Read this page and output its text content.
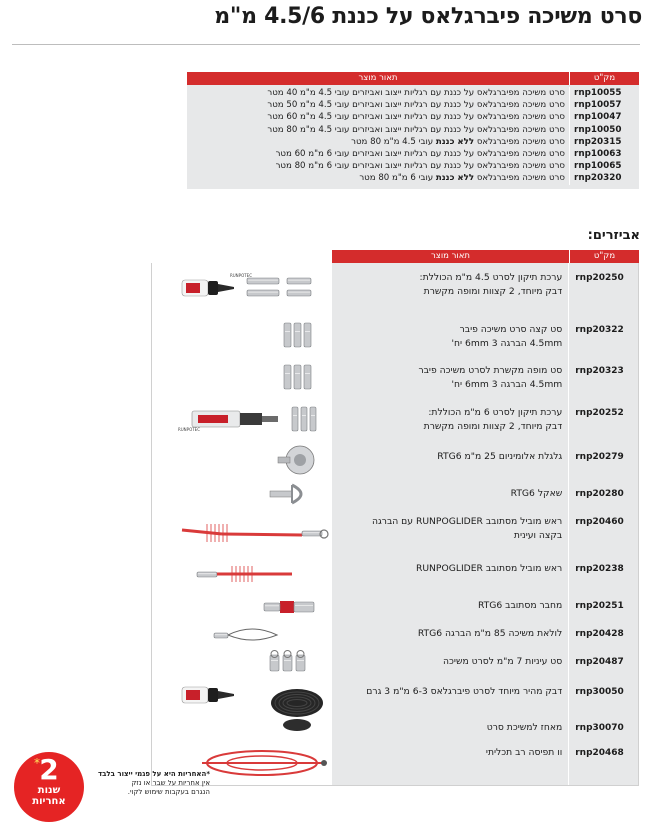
סרט משיכה פיברגלאס על כננת 4.5/6 מ"מ
מק"ט
תאור מוצר
rnp10055
rnp10057
rnp10047
rnp10050
rnp20315
rnp10063
rnp10065
rnp20320
סרט משיכה מפיברגלאס על כננת עם רגליות ייצוב ואביזרים עובי 4.5 מ"מ 40 מטר
סרט משיכה מפיברגלאס על כננת עם רגליות ייצוב ואביזרים עובי 4.5 מ"מ 50 מטר
סרט משיכה מפיברגלאס על כננת עם רגליות ייצוב ואביזרים עובי 4.5 מ"מ 60 מטר
סרט משיכה מפיברגלאס על כננת עם רגליות ייצוב ואביזרים עובי 4.5 מ"מ 80 מטר
סרט משיכה מפיברגלאס ללא כננת עובי 4.5 מ"מ 80 מטר
סרט משיכה מפיברגלאס על כננת עם רגליות ייצוב ואביזרים עובי 6 מ"מ 60 מטר
סרט משיכה מפיברגלאס על כננת עם רגליות ייצוב ואביזרים עובי 6 מ"מ 80 מטר
סרט משיכה מפיברגלאס ללא כננת עובי 6 מ"מ 80 מטר
אביזרים:
מק"ט
תאור מוצר
rnp20250
rnp20322
rnp20323
rnp20252
rnp20279
rnp20280
rnp20460
rnp20238
rnp20251
rnp20428
rnp20487
rnp30050
rnp30070
rnp20468
ערכת תיקון לסרט 4.5 מ"מ הכוללת:
דבק מיוחד, 2 קצוות ומופה מקשרת
סט קצה סרט משיכה פיבר
4.5mm הברגה 6mm 3 יח'
סט מופה מקשרת לסרט משיכה פיבר
4.5mm הברגה 6mm 3 יח'
ערכת תיקון לסרט 6 מ"מ הכוללת:
דבק מיוחד, 2 קצוות ומופה מקשרת
גלגלת אלומיניום 25 מ"מ RTG6
שאקל RTG6
ראש מוביל מסתובב RUNPOGLIDER עם הברגה
בקצה ועינית
ראש מוביל מסתובב RUNPOGLIDER
מחבר מסתובב RTG6
לולאת משיכה 85 מ"מ הברגה RTG6
סט עיניות 7 מ"מ לסרט משיכה
דבק מהיר מיוחד לסרט פיברגלאס 6-3 מ"מ 3 גרם
מאחז למשיכת סרט
וו תפיסה רב תכליתי
RUNPOTEC
RUNPOTEC
* 2
שנות
אחריות
*האחריות היא על פגמי ייצור בלבד
אין אחריות על שבר או נזק
הנגרם בעקבות שימוש לקוי.
